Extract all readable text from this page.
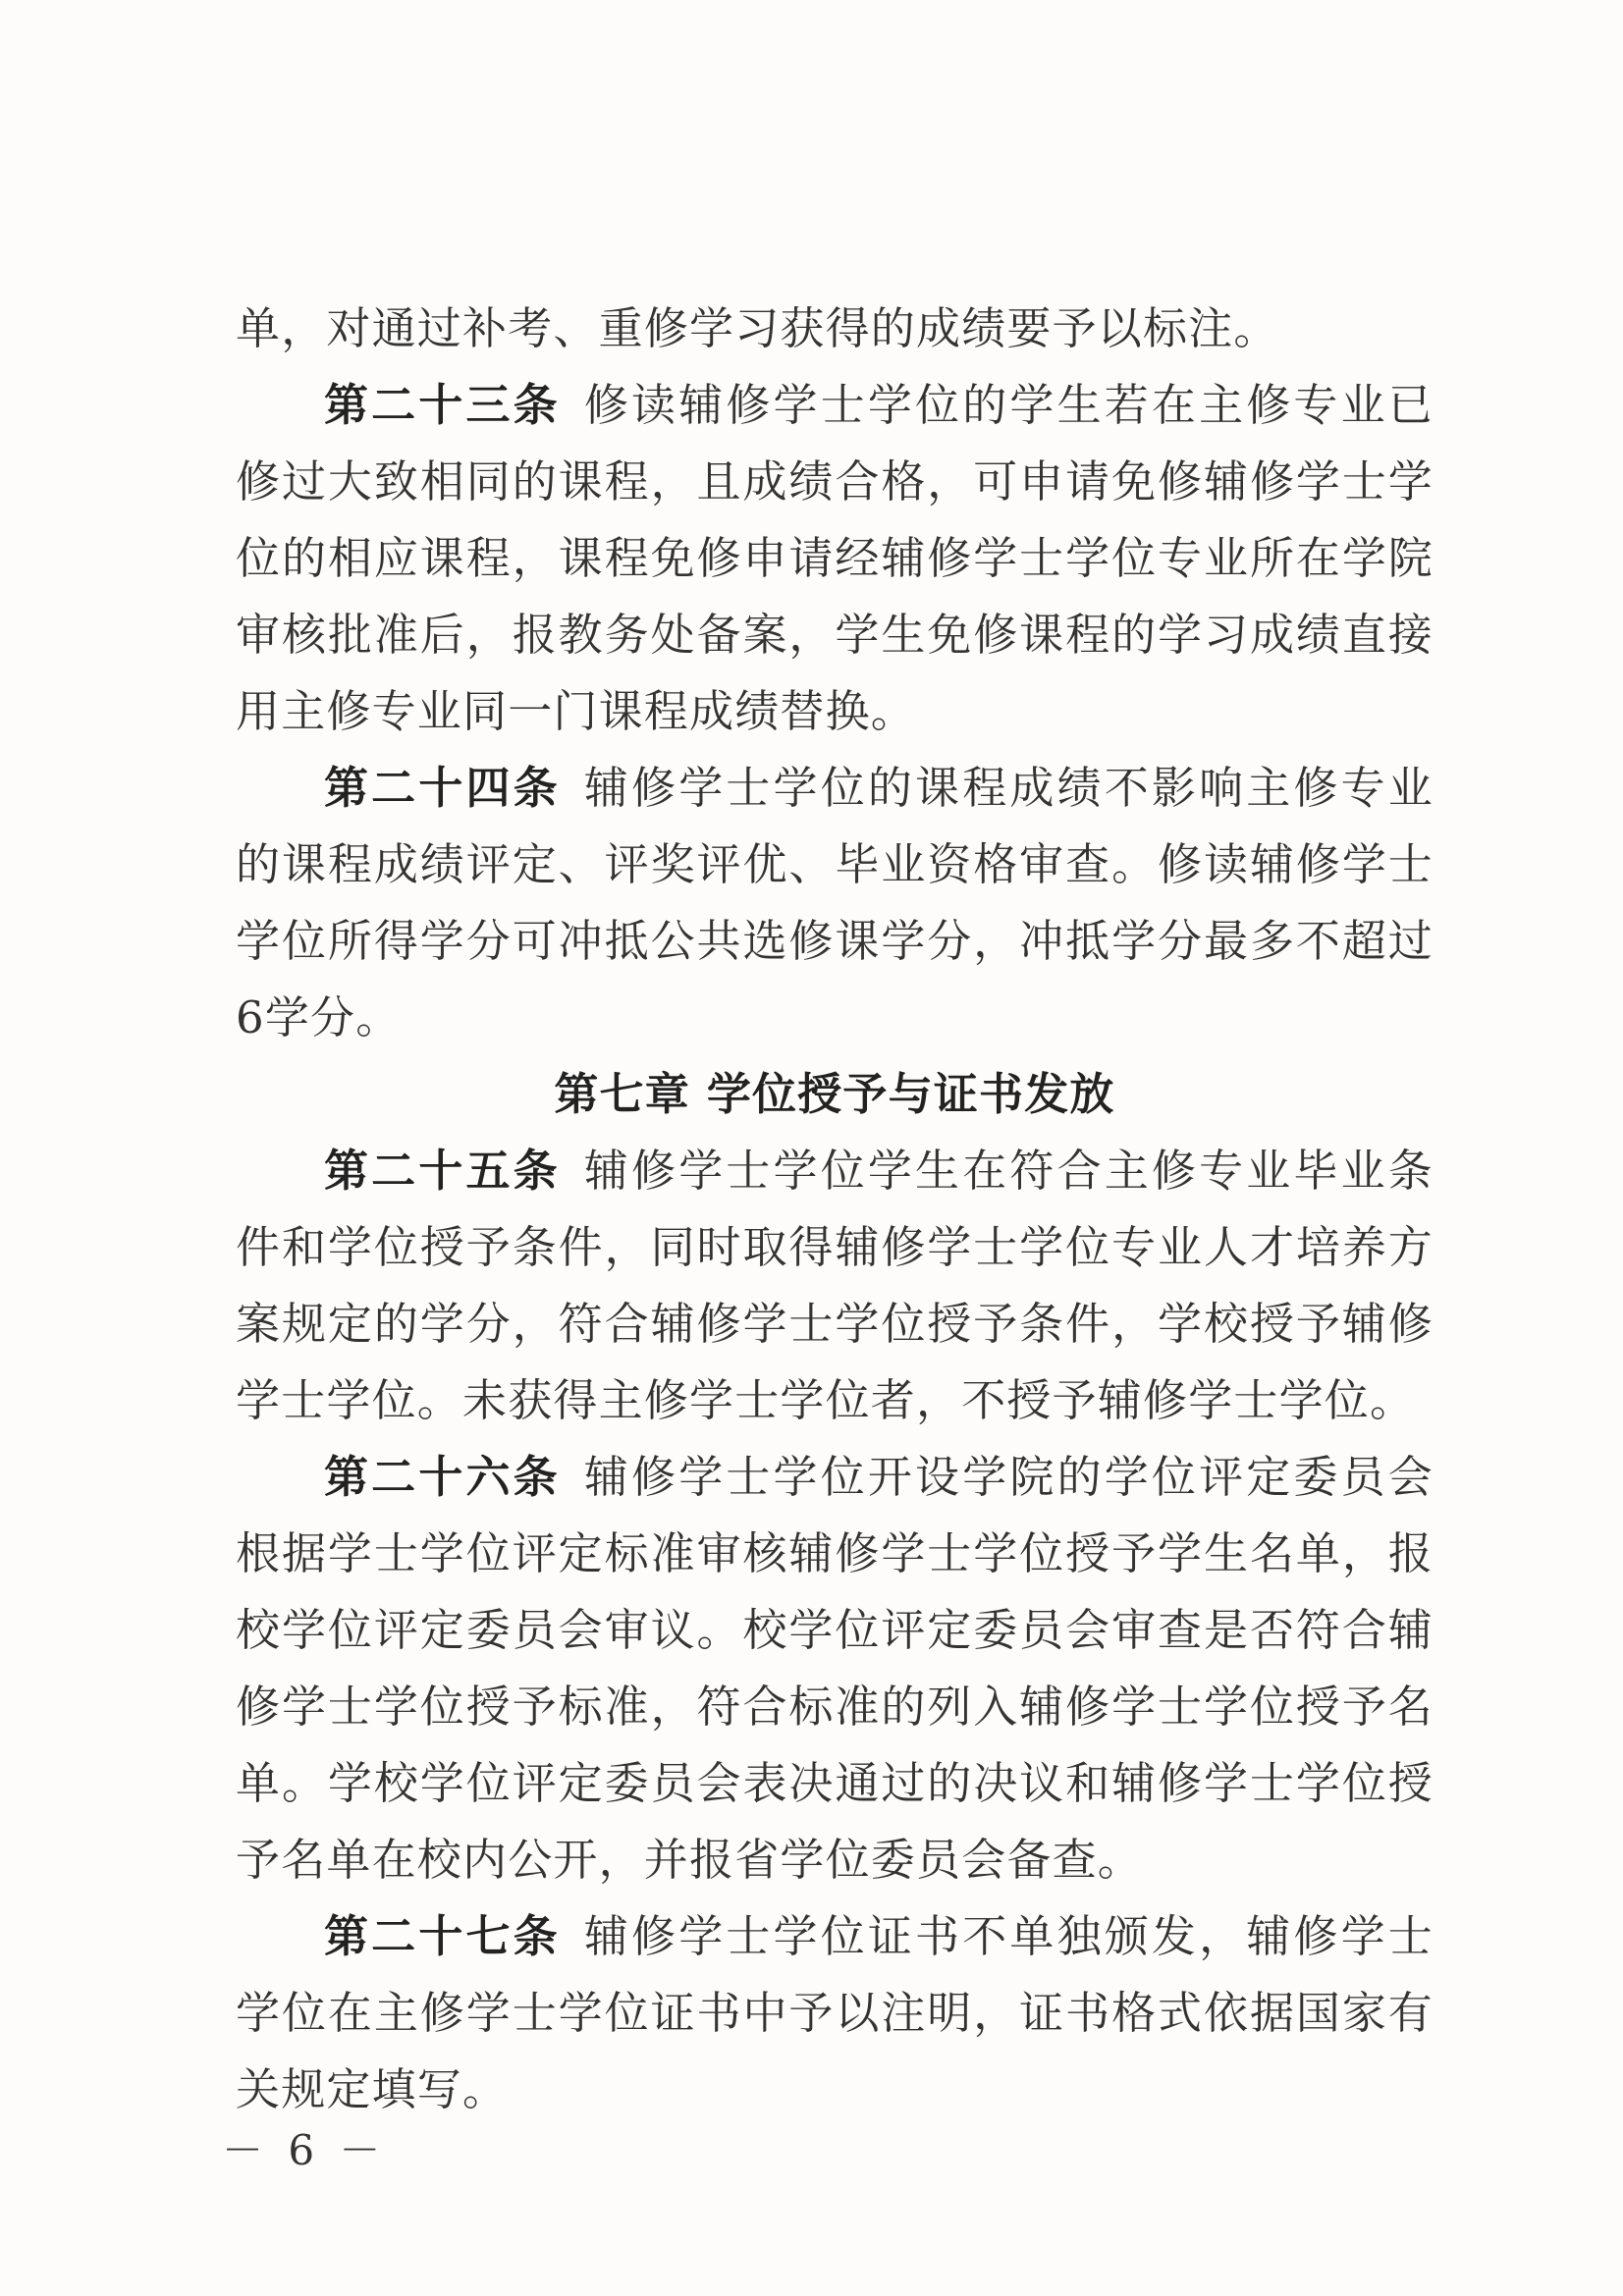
单，对通过补考、重修学习获得的成绩要予以标注。

第二十三条 修读辅修学士学位的学生若在主修专业已修过大致相同的课程，且成绩合格，可申请免修辅修学士学位的相应课程，课程免修申请经辅修学士学位专业所在学院审核批准后，报教务处备案，学生免修课程的学习成绩直接用主修专业同一门课程成绩替换。

第二十四条 辅修学士学位的课程成绩不影响主修专业的课程成绩评定、评奖评优、毕业资格审查。修读辅修学士学位所得学分可冲抵公共选修课学分，冲抵学分最多不超过6学分。

第七章 学位授予与证书发放

第二十五条 辅修学士学位学生在符合主修专业毕业条件和学位授予条件，同时取得辅修学士学位专业人才培养方案规定的学分，符合辅修学士学位授予条件，学校授予辅修学士学位。未获得主修学士学位者，不授予辅修学士学位。

第二十六条 辅修学士学位开设学院的学位评定委员会根据学士学位评定标准审核辅修学士学位授予学生名单，报校学位评定委员会审议。校学位评定委员会审查是否符合辅修学士学位授予标准，符合标准的列入辅修学士学位授予名单。学校学位评定委员会表决通过的决议和辅修学士学位授予名单在校内公开，并报省学位委员会备查。

第二十七条 辅修学士学位证书不单独颁发，辅修学士学位在主修学士学位证书中予以注明，证书格式依据国家有关规定填写。

－ 6 －
